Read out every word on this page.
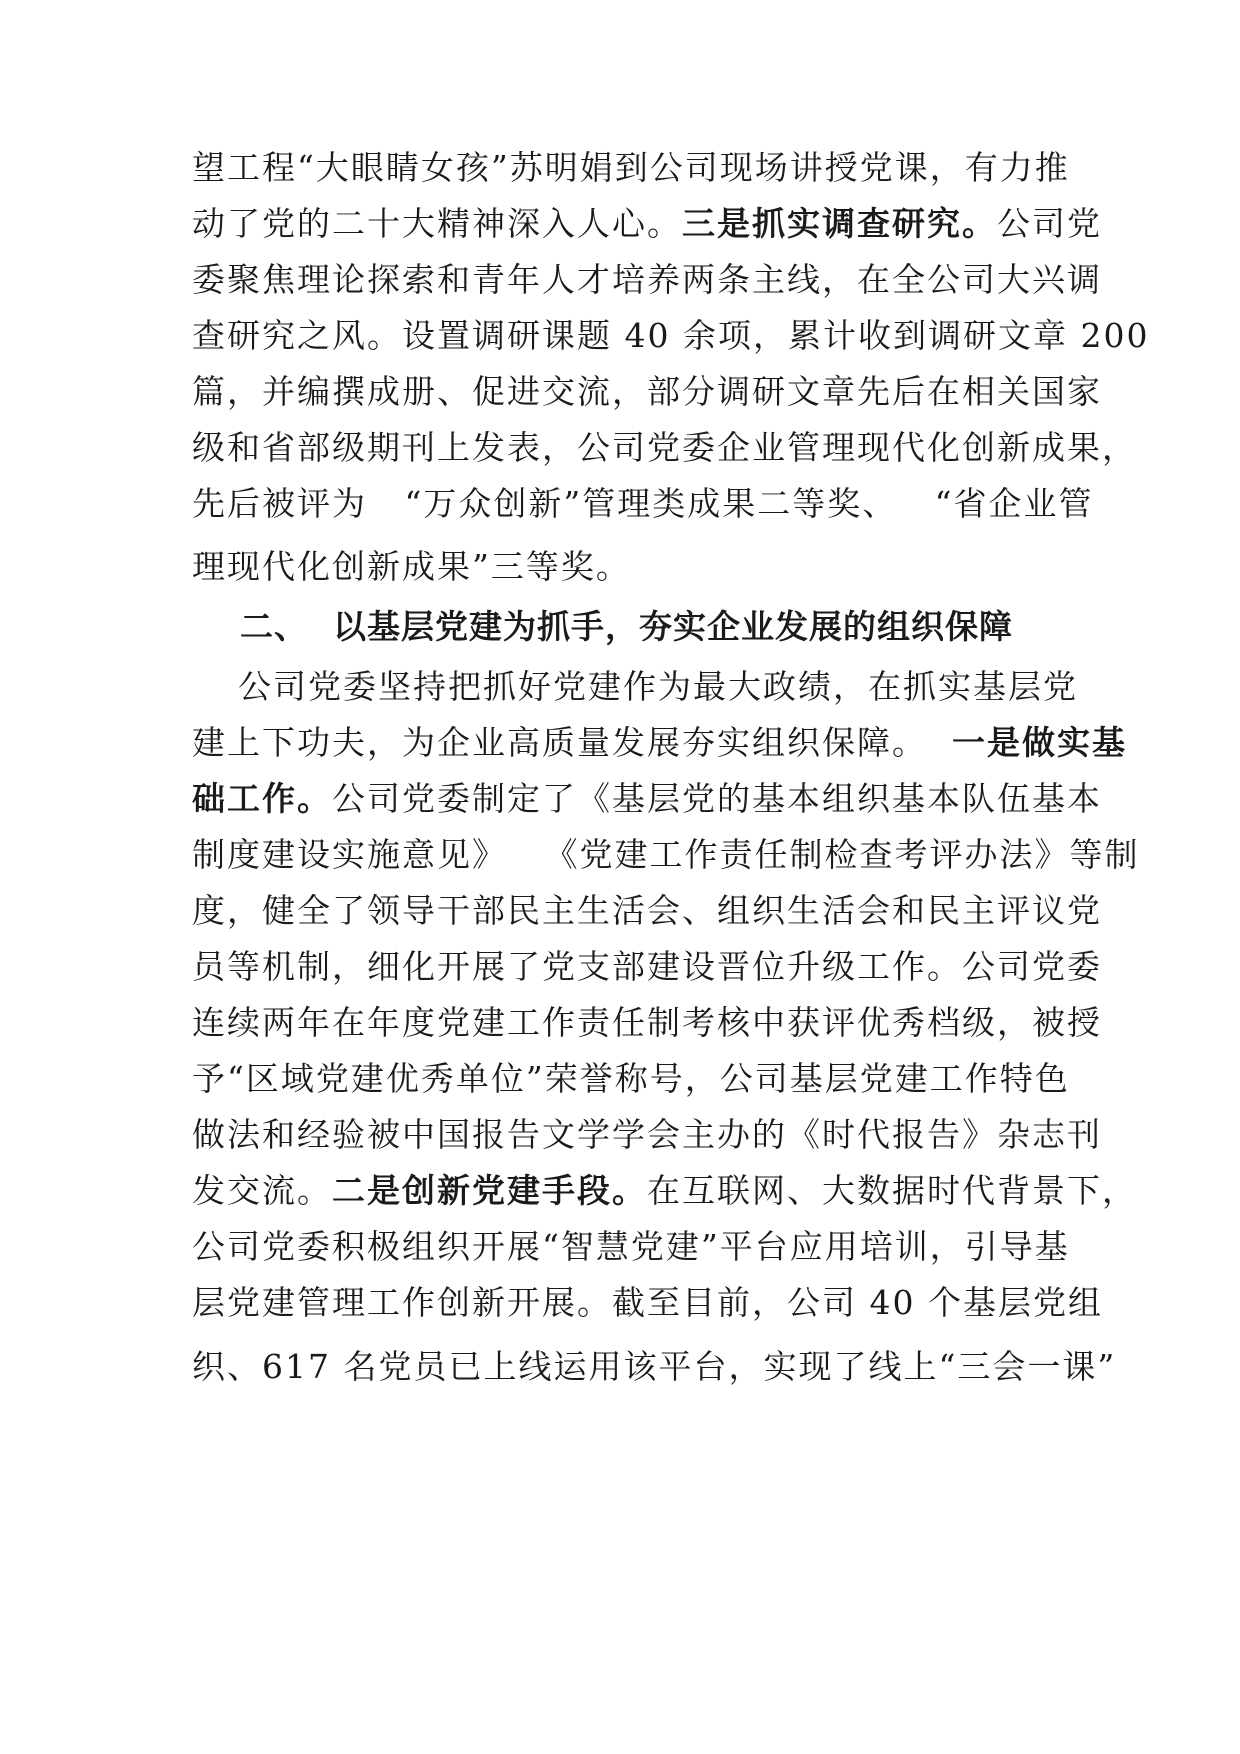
望工程“大眼睛女孩”苏明娟到公司现场讲授党课，有力推
动了党的二十大精神深入人心。三是抓实调查研究。公司党
委聚焦理论探索和青年人才培养两条主线，在全公司大兴调
查研究之风。设置调研课题 40 余项，累计收到调研文章 200
篇，并编撰成册、促进交流，部分调研文章先后在相关国家
级和省部级期刊上发表，公司党委企业管理现代化创新成果，
先后被评为   “万众创新”管理类成果二等奖、   “省企业管
理现代化创新成果”三等奖。
二、  以基层党建为抓手，夯实企业发展的组织保障
公司党委坚持把抓好党建作为最大政绩，在抓实基层党
建上下功夫，为企业高质量发展夯实组织保障。  一是做实基
础工作。公司党委制定了《基层党的基本组织基本队伍基本
制度建设实施意见》   《党建工作责任制检查考评办法》等制
度，健全了领导干部民主生活会、组织生活会和民主评议党
员等机制，细化开展了党支部建设晋位升级工作。公司党委
连续两年在年度党建工作责任制考核中获评优秀档级，被授
予“区域党建优秀单位”荣誉称号，公司基层党建工作特色
做法和经验被中国报告文学学会主办的《时代报告》杂志刊
发交流。二是创新党建手段。在互联网、大数据时代背景下，
公司党委积极组织开展“智慧党建”平台应用培训，引导基
层党建管理工作创新开展。截至目前，公司 40 个基层党组
织、617 名党员已上线运用该平台，实现了线上“三会一课”
